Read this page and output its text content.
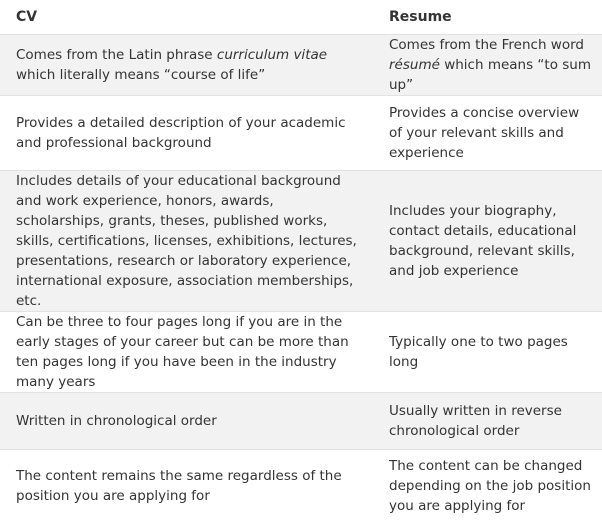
CV	Resume
Comes from the Latin phrase curriculum vitae which literally means “course of life”	Comes from the French word résumé which means “to sum up”
Provides a detailed description of your academic and professional background	Provides a concise overview of your relevant skills and experience
Includes details of your educational background and work experience, honors, awards, scholarships, grants, theses, published works, skills, certifications, licenses, exhibitions, lectures, presentations, research or laboratory experience, international exposure, association memberships, etc.	Includes your biography, contact details, educational background, relevant skills, and job experience
Can be three to four pages long if you are in the early stages of your career but can be more than ten pages long if you have been in the industry many years	Typically one to two pages long
Written in chronological order	Usually written in reverse chronological order
The content remains the same regardless of the position you are applying for	The content can be changed depending on the job position you are applying for
